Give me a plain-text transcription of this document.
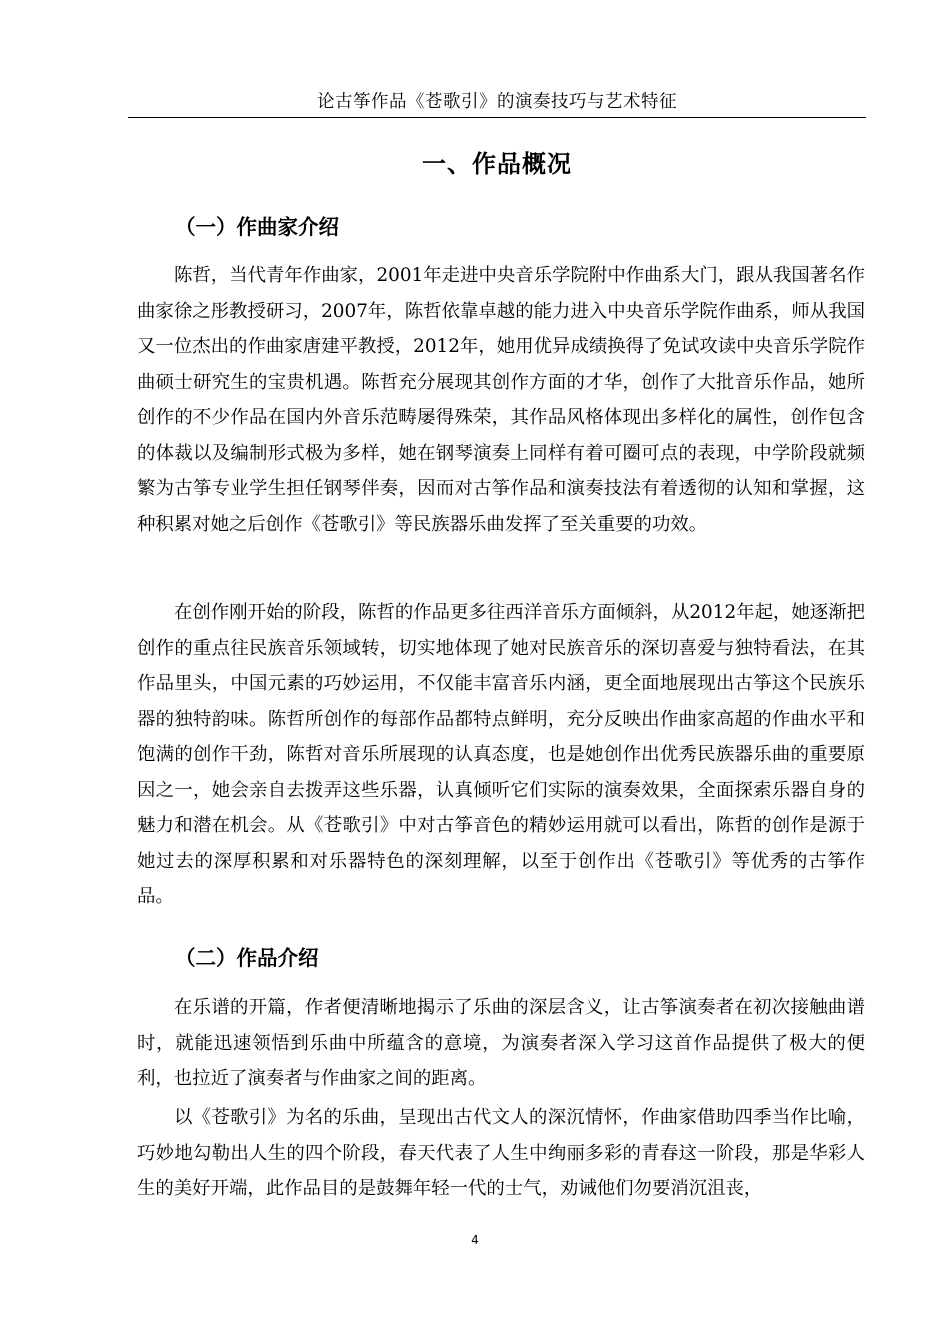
论古筝作品《苍歌引》的演奏技巧与艺术特征
一、作品概况
（一）作曲家介绍

陈哲，当代青年作曲家，2001年走进中央音乐学院附中作曲系大门，跟从我国著名作曲家徐之彤教授研习，2007年，陈哲依靠卓越的能力进入中央音乐学院作曲系，师从我国又一位杰出的作曲家唐建平教授，2012年，她用优异成绩换得了免试攻读中央音乐学院作曲硕士研究生的宝贵机遇。陈哲充分展现其创作方面的才华，创作了大批音乐作品，她所创作的不少作品在国内外音乐范畴屡得殊荣，其作品风格体现出多样化的属性，创作包含的体裁以及编制形式极为多样，她在钢琴演奏上同样有着可圈可点的表现，中学阶段就频繁为古筝专业学生担任钢琴伴奏，因而对古筝作品和演奏技法有着透彻的认知和掌握，这种积累对她之后创作《苍歌引》等民族器乐曲发挥了至关重要的功效。

在创作刚开始的阶段，陈哲的作品更多往西洋音乐方面倾斜，从2012年起，她逐渐把创作的重点往民族音乐领域转，切实地体现了她对民族音乐的深切喜爱与独特看法，在其作品里头，中国元素的巧妙运用，不仅能丰富音乐内涵，更全面地展现出古筝这个民族乐器的独特韵味。陈哲所创作的每部作品都特点鲜明，充分反映出作曲家高超的作曲水平和饱满的创作干劲，陈哲对音乐所展现的认真态度，也是她创作出优秀民族器乐曲的重要原因之一，她会亲自去拨弄这些乐器，认真倾听它们实际的演奏效果，全面探索乐器自身的魅力和潜在机会。从《苍歌引》中对古筝音色的精妙运用就可以看出，陈哲的创作是源于她过去的深厚积累和对乐器特色的深刻理解，以至于创作出《苍歌引》等优秀的古筝作品。

（二）作品介绍

在乐谱的开篇，作者便清晰地揭示了乐曲的深层含义，让古筝演奏者在初次接触曲谱时，就能迅速领悟到乐曲中所蕴含的意境，为演奏者深入学习这首作品提供了极大的便利，也拉近了演奏者与作曲家之间的距离。

以《苍歌引》为名的乐曲，呈现出古代文人的深沉情怀，作曲家借助四季当作比喻，巧妙地勾勒出人生的四个阶段，春天代表了人生中绚丽多彩的青春这一阶段，那是华彩人生的美好开端，此作品目的是鼓舞年轻一代的士气，劝诫他们勿要消沉沮丧，

4
